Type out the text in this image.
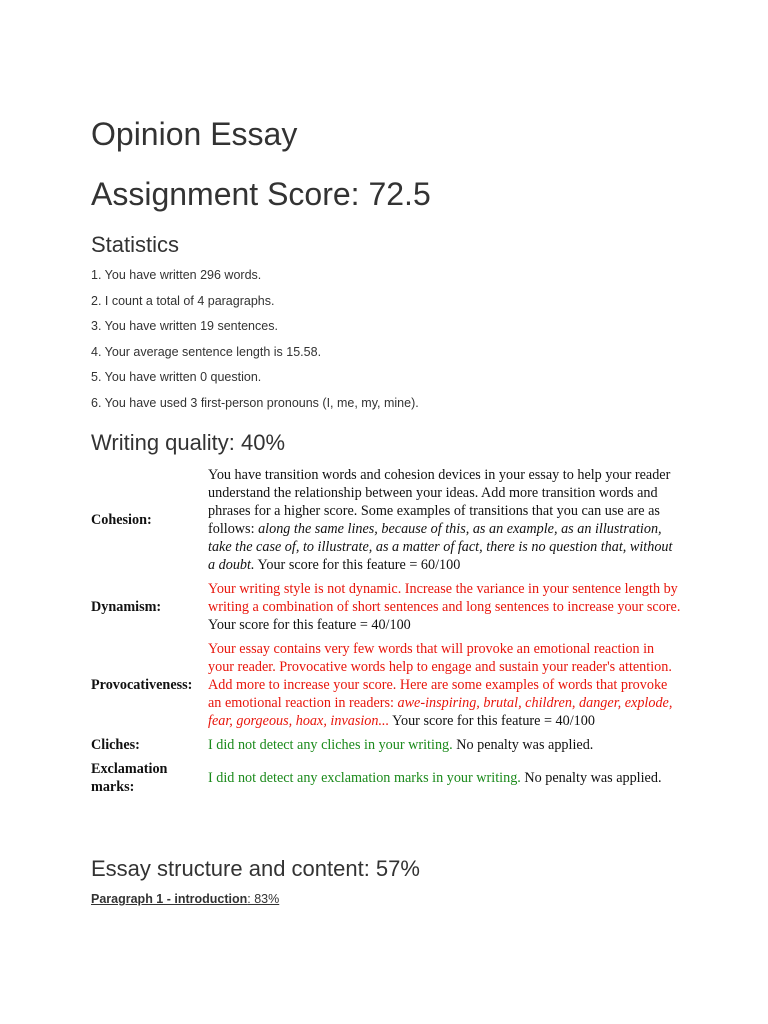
Opinion Essay
Assignment Score: 72.5
Statistics
1. You have written 296 words.
2. I count a total of 4 paragraphs.
3. You have written 19 sentences.
4. Your average sentence length is 15.58.
5. You have written 0 question.
6. You have used 3 first-person pronouns (I, me, my, mine).
Writing quality: 40%
Cohesion:	You have transition words and cohesion devices in your essay to help your reader understand the relationship between your ideas. Add more transition words and phrases for a higher score. Some examples of transitions that you can use are as follows: along the same lines, because of this, as an example, as an illustration, take the case of, to illustrate, as a matter of fact, there is no question that, without a doubt. Your score for this feature = 60/100
Dynamism:	Your writing style is not dynamic. Increase the variance in your sentence length by writing a combination of short sentences and long sentences to increase your score. Your score for this feature = 40/100
Provocativeness:	Your essay contains very few words that will provoke an emotional reaction in your reader. Provocative words help to engage and sustain your reader's attention. Add more to increase your score. Here are some examples of words that provoke an emotional reaction in readers: awe-inspiring, brutal, children, danger, explode, fear, gorgeous, hoax, invasion... Your score for this feature = 40/100
Cliches:	I did not detect any cliches in your writing. No penalty was applied.
Exclamation marks:	I did not detect any exclamation marks in your writing. No penalty was applied.
Essay structure and content: 57%
Paragraph 1 - introduction: 83%
